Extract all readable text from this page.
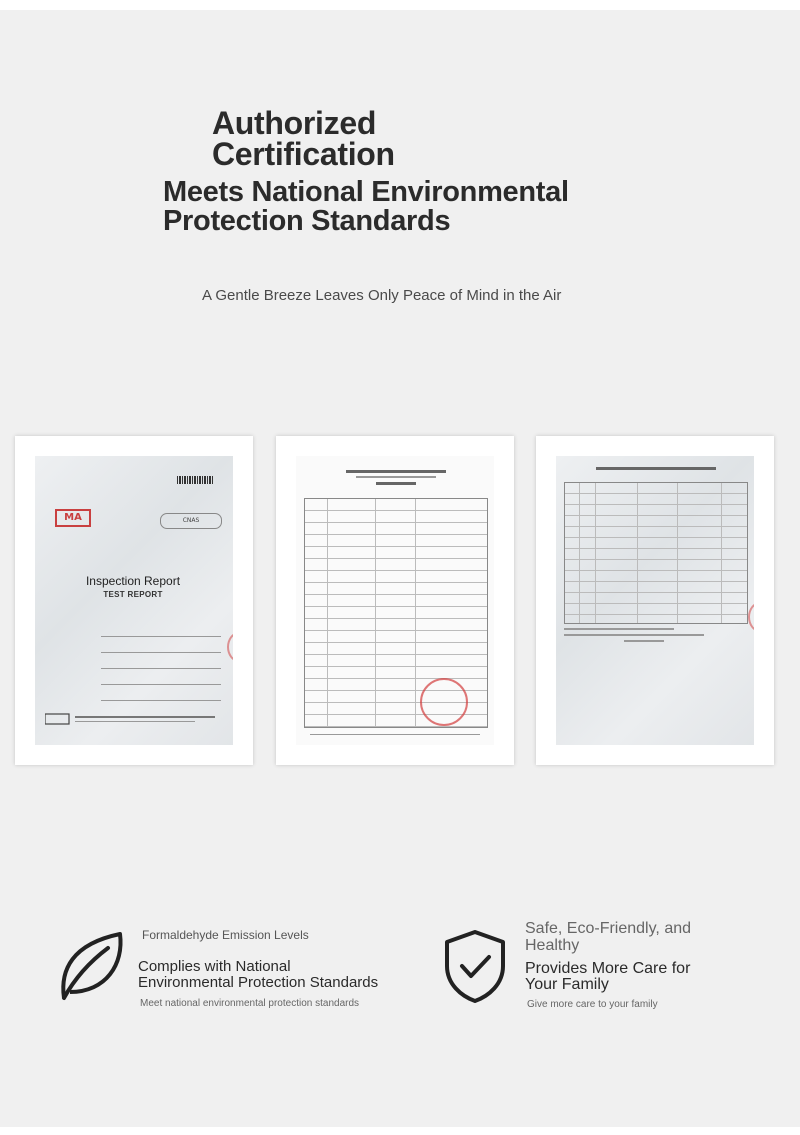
Authorized
Certification
Meets National Environmental
Protection Standards
A Gentle Breeze Leaves Only Peace of Mind in the Air
MA	CNAS
Inspection Report
TEST REPORT
Formaldehyde Emission Levels
Complies with National
Environmental Protection Standards
Meet national environmental protection standards
Safe, Eco-Friendly, and
Healthy
Provides More Care for
Your Family
Give more care to your family
